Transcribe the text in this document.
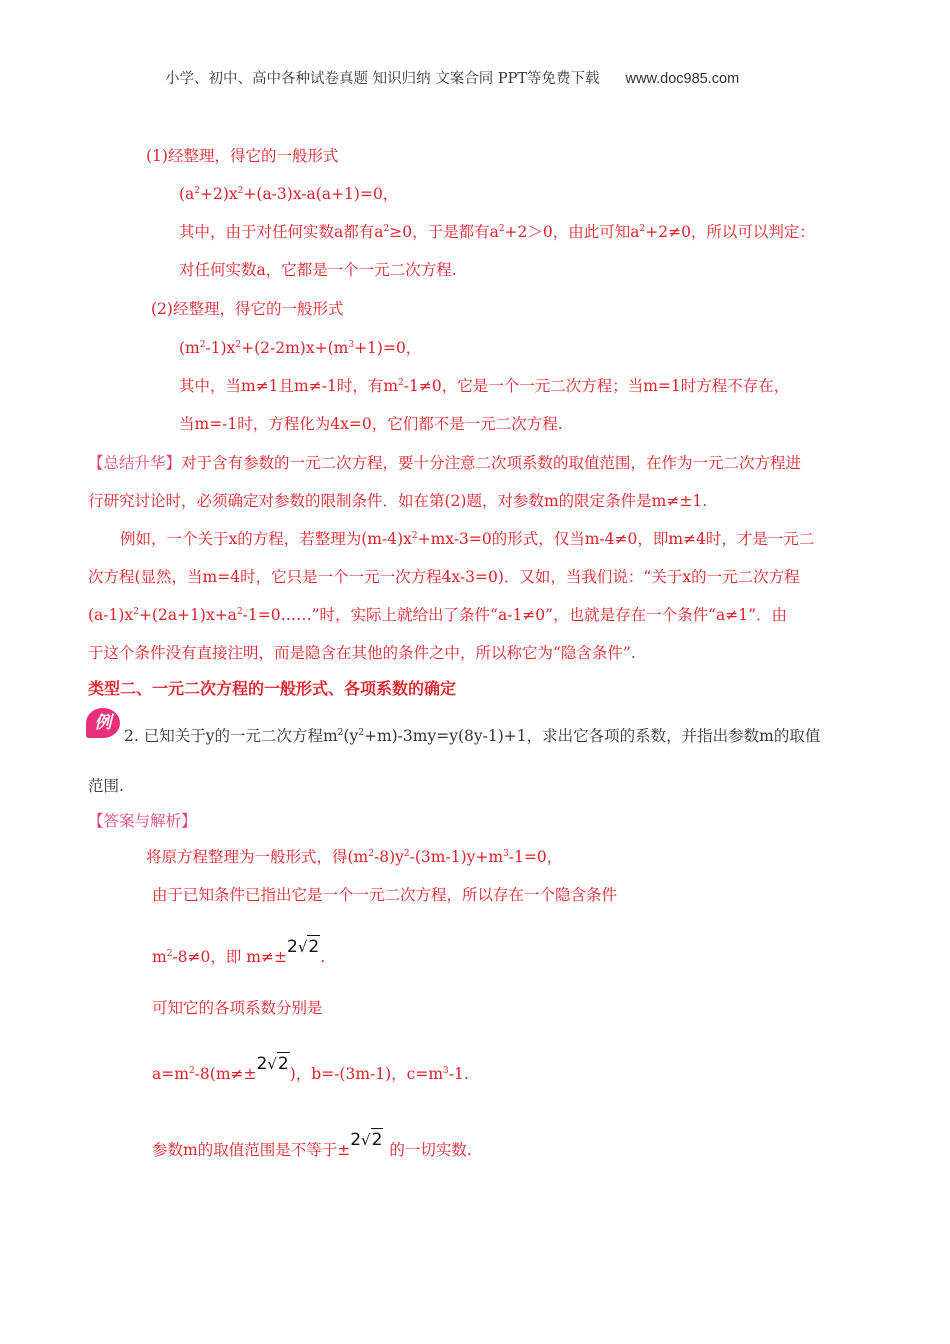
小学、初中、高中各种试卷真题 知识归纳 文案合同 PPT等免费下载 www.doc985.com
(1)经整理，得它的一般形式
$(a^2+2)x^2+(a-3)x-a(a+1)=0$，
其中，由于对任何实数a都有$a^2\ge 0$，于是都有$a^2+2>0$，由此可知$a^2+2\ne 0$，所以可以判定：
对任何实数a，它都是一个一元二次方程.
(2)经整理，得它的一般形式
$(m^2-1)x^2+(2-2m)x+(m^3+1)=0$，
其中，当m≠1且m≠-1时，有$m^2-1\ne 0$，它是一个一元二次方程；当m=1时方程不存在，
当m=-1时，方程化为4x=0，它们都不是一元二次方程.
【总结升华】对于含有参数的一元二次方程，要十分注意二次项系数的取值范围，在作为一元二次方程进
行研究讨论时，必须确定对参数的限制条件．如在第(2)题，对参数m的限定条件是m≠±1.
例如，一个关于x的方程，若整理为$(m-4)x^2+mx-3=0$的形式，仅当m-4≠0，即m≠4时，才是一元二
次方程(显然，当m=4时，它只是一个一元一次方程4x-3=0)．又如，当我们说：“关于x的一元二次方程
$(a-1)x^2+(2a+1)x+a^2-1=0\dots\dots$”时，实际上就给出了条件“a-1≠0”，也就是存在一个条件“a≠1”．由
于这个条件没有直接注明，而是隐含在其他的条件之中，所以称它为“隐含条件”.
类型二、一元二次方程的一般形式、各项系数的确定
例
2. 已知关于y的一元二次方程$m^2(y^2+m)-3my=y(8y-1)+1$，求出它各项的系数，并指出参数m的取值
范围.
【答案与解析】
将原方程整理为一般形式，得$(m^2-8)y^2-(3m-1)y+m^3-1=0$，
由于已知条件已指出它是一个一元二次方程，所以存在一个隐含条件
$m^2-8\ne 0$，即 m≠±2√2.
可知它的各项系数分别是
$a=m^2-8(m\ne\pm 2√2)$，b=-(3m-1)，$c=m^3-1$.
参数m的取值范围是不等于±2√2 的一切实数.
